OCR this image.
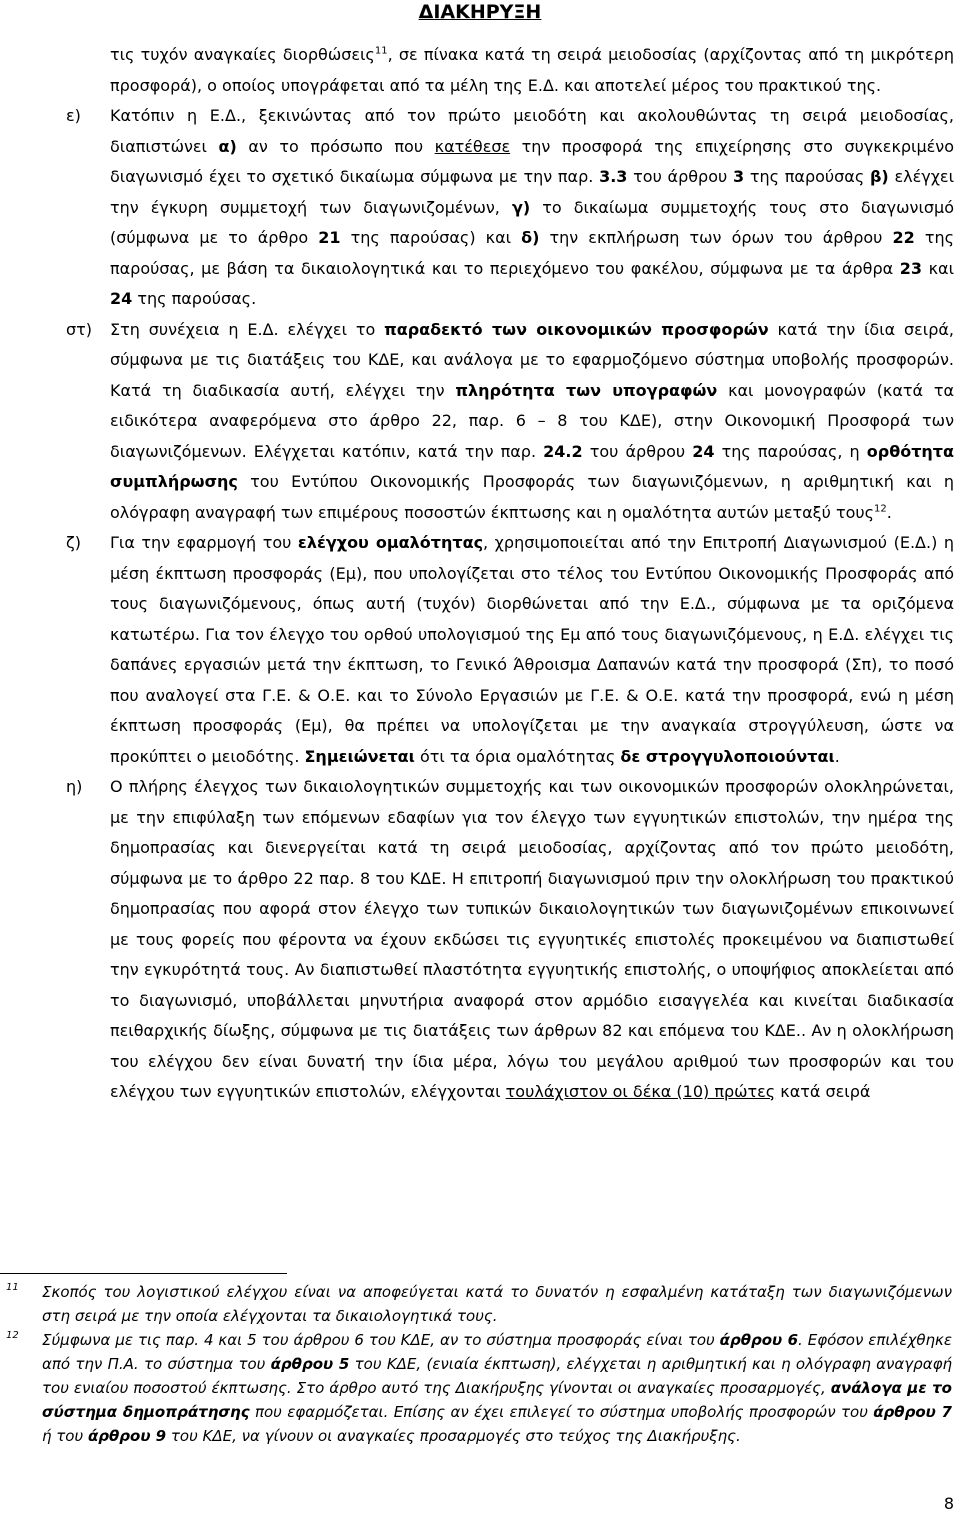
ΔΙΑΚΗΡΥΞΗ
τις τυχόν αναγκαίες διορθώσεις$^{11}$, σε πίνακα κατά τη σειρά μειοδοσίας (αρχίζοντας από τη μικρότερη προσφορά), ο οποίος υπογράφεται από τα μέλη της Ε.Δ. και αποτελεί μέρος του πρακτικού της.
ε)	Κατόπιν η Ε.Δ., ξεκινώντας από τον πρώτο μειοδότη και ακολουθώντας τη σειρά μειοδοσίας, διαπιστώνει α) αν το πρόσωπο που κατέθεσε την προσφορά της επιχείρησης στο συγκεκριμένο διαγωνισμό έχει το σχετικό δικαίωμα σύμφωνα με την παρ. 3.3 του άρθρου 3 της παρούσας β) ελέγχει την έγκυρη συμμετοχή των διαγωνιζομένων, γ) το δικαίωμα συμμετοχής τους στο διαγωνισμό (σύμφωνα με το άρθρο 21 της παρούσας) και δ) την εκπλήρωση των όρων του άρθρου 22 της παρούσας, με βάση τα δικαιολογητικά και το περιεχόμενο του φακέλου, σύμφωνα με τα άρθρα 23 και 24 της παρούσας.
στ)	Στη συνέχεια η Ε.Δ. ελέγχει το παραδεκτό των οικονομικών προσφορών κατά την ίδια σειρά, σύμφωνα με τις διατάξεις του ΚΔΕ, και ανάλογα με το εφαρμοζόμενο σύστημα υποβολής προσφορών. Κατά τη διαδικασία αυτή, ελέγχει την πληρότητα των υπογραφών και μονογραφών (κατά τα ειδικότερα αναφερόμενα στο άρθρο 22, παρ. 6 – 8 του ΚΔΕ), στην Οικονομική Προσφορά των διαγωνιζόμενων. Ελέγχεται κατόπιν, κατά την παρ. 24.2 του άρθρου 24 της παρούσας, η ορθότητα συμπλήρωσης του Εντύπου Οικονομικής Προσφοράς των διαγωνιζόμενων, η αριθμητική και η ολόγραφη αναγραφή των επιμέρους ποσοστών έκπτωσης και η ομαλότητα αυτών μεταξύ τους$^{12}$.
ζ)	Για την εφαρμογή του ελέγχου ομαλότητας, χρησιμοποιείται από την Επιτροπή Διαγωνισμού (Ε.Δ.) η μέση έκπτωση προσφοράς (Εμ), που υπολογίζεται στο τέλος του Εντύπου Οικονομικής Προσφοράς από τους διαγωνιζόμενους, όπως αυτή (τυχόν) διορθώνεται από την Ε.Δ., σύμφωνα με τα οριζόμενα κατωτέρω. Για τον έλεγχο του ορθού υπολογισμού της Εμ από τους διαγωνιζόμενους, η Ε.Δ. ελέγχει τις δαπάνες εργασιών μετά την έκπτωση, το Γενικό Άθροισμα Δαπανών κατά την προσφορά (Σπ), το ποσό που αναλογεί στα Γ.Ε. & Ο.Ε. και το Σύνολο Εργασιών με Γ.Ε. & Ο.Ε. κατά την προσφορά, ενώ η μέση έκπτωση προσφοράς (Εμ), θα πρέπει να υπολογίζεται με την αναγκαία στρογγύλευση, ώστε να προκύπτει ο μειοδότης. Σημειώνεται ότι τα όρια ομαλότητας δε στρογγυλοποιούνται.
η)	Ο πλήρης έλεγχος των δικαιολογητικών συμμετοχής και των οικονομικών προσφορών ολοκληρώνεται, με την επιφύλαξη των επόμενων εδαφίων για τον έλεγχο των εγγυητικών επιστολών, την ημέρα της δημοπρασίας και διενεργείται κατά τη σειρά μειοδοσίας, αρχίζοντας από τον πρώτο μειοδότη, σύμφωνα με το άρθρο 22 παρ. 8 του ΚΔΕ. Η επιτροπή διαγωνισμού πριν την ολοκλήρωση του πρακτικού δημοπρασίας που αφορά στον έλεγχο των τυπικών δικαιολογητικών των διαγωνιζομένων επικοινωνεί με τους φορείς που φέροντα να έχουν εκδώσει τις εγγυητικές επιστολές προκειμένου να διαπιστωθεί την εγκυρότητά τους. Αν διαπιστωθεί πλαστότητα εγγυητικής επιστολής, ο υποψήφιος αποκλείεται από το διαγωνισμό, υποβάλλεται μηνυτήρια αναφορά στον αρμόδιο εισαγγελέα και κινείται διαδικασία πειθαρχικής δίωξης, σύμφωνα με τις διατάξεις των άρθρων 82 και επόμενα του ΚΔΕ.. Αν η ολοκλήρωση του ελέγχου δεν είναι δυνατή την ίδια μέρα, λόγω του μεγάλου αριθμού των προσφορών και του ελέγχου των εγγυητικών επιστολών, ελέγχονται τουλάχιστον οι δέκα (10) πρώτες κατά σειρά
11	Σκοπός του λογιστικού ελέγχου είναι να αποφεύγεται κατά το δυνατόν η εσφαλμένη κατάταξη των διαγωνιζόμενων στη σειρά με την οποία ελέγχονται τα δικαιολογητικά τους.
12	Σύμφωνα με τις παρ. 4 και 5 του άρθρου 6 του ΚΔΕ, αν το σύστημα προσφοράς είναι του άρθρου 6. Εφόσον επιλέχθηκε από την Π.Α. το σύστημα του άρθρου 5 του ΚΔΕ, (ενιαία έκπτωση), ελέγχεται η αριθμητική και η ολόγραφη αναγραφή του ενιαίου ποσοστού έκπτωσης. Στο άρθρο αυτό της Διακήρυξης γίνονται οι αναγκαίες προσαρμογές, ανάλογα με το σύστημα δημοπράτησης που εφαρμόζεται. Επίσης αν έχει επιλεγεί το σύστημα υποβολής προσφορών του άρθρου 7 ή του άρθρου 9 του ΚΔΕ, να γίνουν οι αναγκαίες προσαρμογές στο τεύχος της Διακήρυξης.
8
